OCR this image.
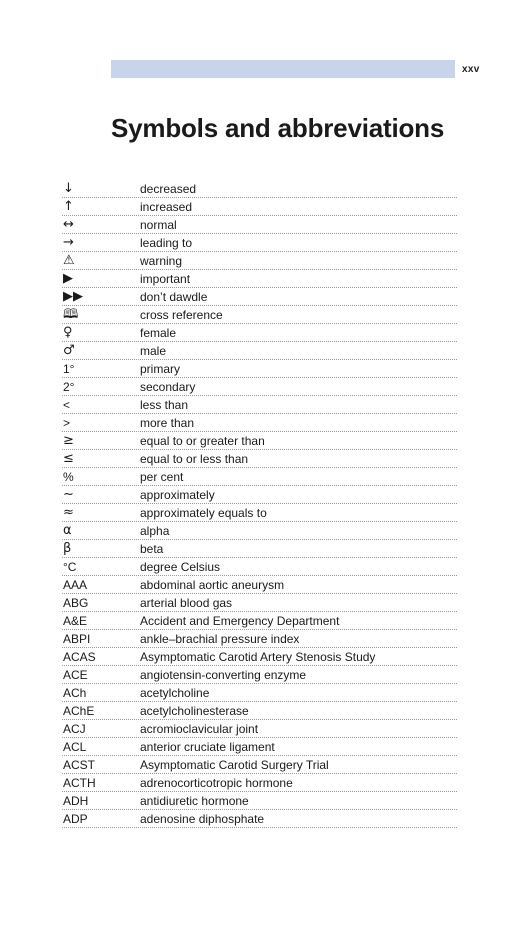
xxv
Symbols and abbreviations
↓	decreased
↑	increased
↔	normal
→	leading to
⚠	warning
▶	important
▶▶	don’t dawdle
🕮	cross reference
♀	female
♂	male
1°	primary
2°	secondary
<	less than
>	more than
≥	equal to or greater than
≤	equal to or less than
%	per cent
~	approximately
≈	approximately equals to
α	alpha
β	beta
°C	degree Celsius
AAA	abdominal aortic aneurysm
ABG	arterial blood gas
A&E	Accident and Emergency Department
ABPI	ankle–brachial pressure index
ACAS	Asymptomatic Carotid Artery Stenosis Study
ACE	angiotensin-converting enzyme
ACh	acetylcholine
AChE	acetylcholinesterase
ACJ	acromioclavicular joint
ACL	anterior cruciate ligament
ACST	Asymptomatic Carotid Surgery Trial
ACTH	adrenocorticotropic hormone
ADH	antidiuretic hormone
ADP	adenosine diphosphate
